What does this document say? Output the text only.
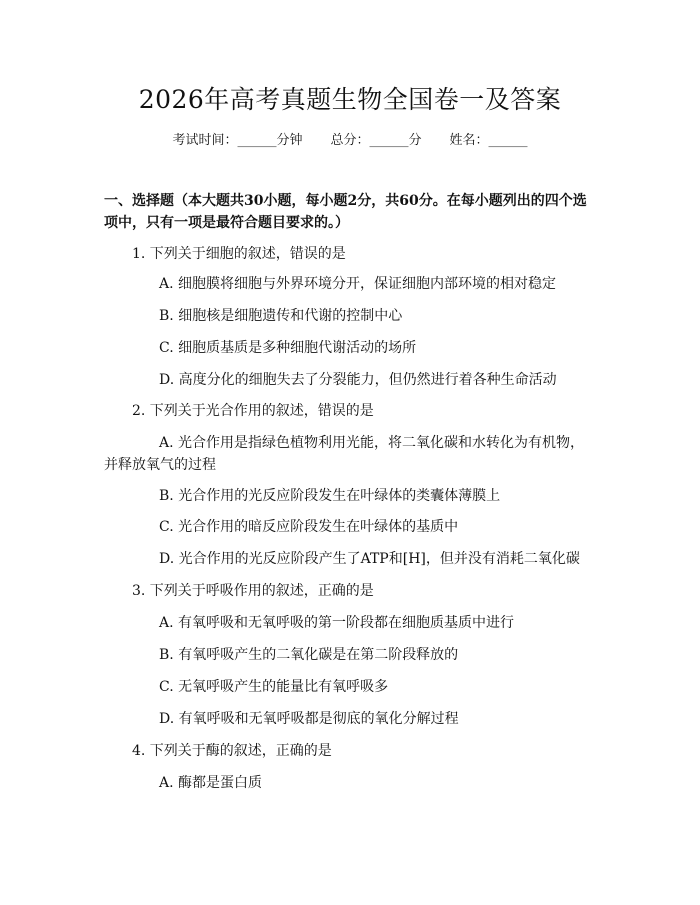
2026年高考真题生物全国卷一及答案
考试时间：______分钟 总分：______分 姓名：______
一、选择题（本大题共30小题，每小题2分，共60分。在每小题列出的四个选项中，只有一项是最符合题目要求的。）
1. 下列关于细胞的叙述，错误的是
A. 细胞膜将细胞与外界环境分开，保证细胞内部环境的相对稳定
B. 细胞核是细胞遗传和代谢的控制中心
C. 细胞质基质是多种细胞代谢活动的场所
D. 高度分化的细胞失去了分裂能力，但仍然进行着各种生命活动
2. 下列关于光合作用的叙述，错误的是
A. 光合作用是指绿色植物利用光能，将二氧化碳和水转化为有机物，并释放氧气的过程
B. 光合作用的光反应阶段发生在叶绿体的类囊体薄膜上
C. 光合作用的暗反应阶段发生在叶绿体的基质中
D. 光合作用的光反应阶段产生了ATP和[H]，但并没有消耗二氧化碳
3. 下列关于呼吸作用的叙述，正确的是
A. 有氧呼吸和无氧呼吸的第一阶段都在细胞质基质中进行
B. 有氧呼吸产生的二氧化碳是在第二阶段释放的
C. 无氧呼吸产生的能量比有氧呼吸多
D. 有氧呼吸和无氧呼吸都是彻底的氧化分解过程
4. 下列关于酶的叙述，正确的是
A. 酶都是蛋白质
